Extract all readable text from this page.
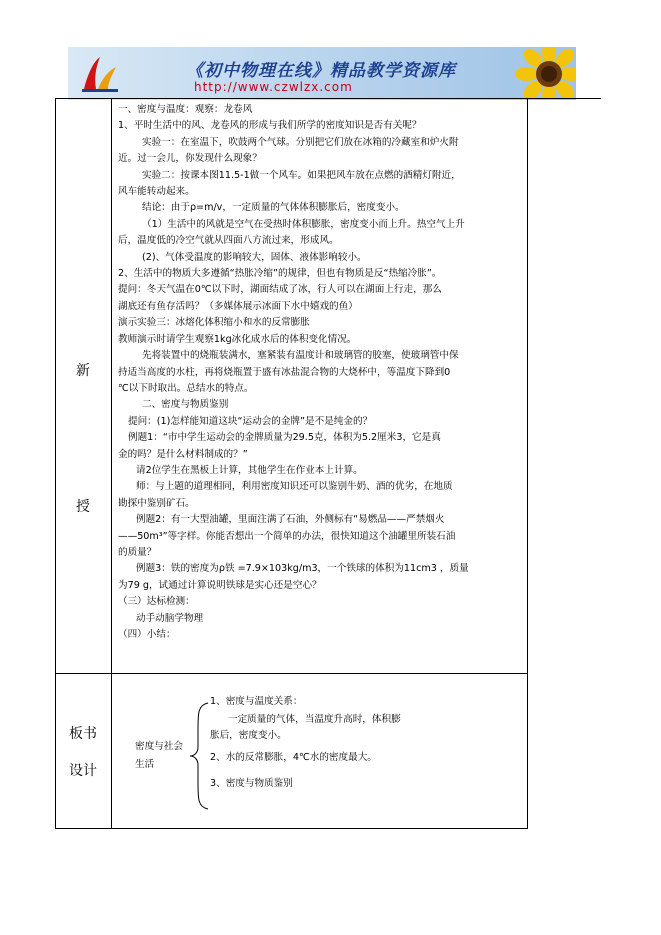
《初中物理在线》精品教学资源库
http://www.czwlzx.com
新
授
板书
设计

一、密度与温度：观察：龙卷风

1、平时生活中的风、龙卷风的形成与我们所学的密度知识是否有关呢？

实验一：在室温下，吹鼓两个气球。分别把它们放在冰箱的冷藏室和炉火附

近。过一会儿，你发现什么现象？

实验二：按课本图11.5-1做一个风车。如果把风车放在点燃的酒精灯附近，

风车能转动起来。

结论：由于ρ=m/v，一定质量的气体体积膨胀后，密度变小。

（1）生活中的风就是空气在受热时体积膨胀，密度变小而上升。热空气上升

后，温度低的冷空气就从四面八方流过来，形成风。

(2)、气体受温度的影响较大，固体、液体影响较小。

2、生活中的物质大多遵循“热胀冷缩”的规律，但也有物质是反“热缩冷胀”。

提问：冬天气温在0℃以下时，湖面结成了冰，行人可以在湖面上行走，那么

湖底还有鱼存活吗？（多媒体展示冰面下水中嬉戏的鱼）

演示实验三：冰熔化体积缩小和水的反常膨胀

教师演示时请学生观察1kg冰化成水后的体积变化情况。

先将装置中的烧瓶装满水，塞紧装有温度计和玻璃管的胶塞，使玻璃管中保

持适当高度的水柱，再将烧瓶置于盛有冰盐混合物的大烧杯中，等温度下降到0

℃以下时取出。总结水的特点。

二、密度与物质鉴别

提问：(1)怎样能知道这块“运动会的金牌”是不是纯金的？

例题1：“市中学生运动会的金牌质量为29.5克，体积为5.2厘米3，它是真

金的吗？是什么材料制成的？”

请2位学生在黑板上计算，其他学生在作业本上计算。

师：与上题的道理相同，利用密度知识还可以鉴别牛奶、酒的优劣，在地质

勘探中鉴别矿石。

例题2：有一大型油罐，里面注满了石油，外侧标有“易燃品——严禁烟火

——50m³”等字样。你能否想出一个简单的办法，很快知道这个油罐里所装石油

的质量？

例题3：铁的密度为ρ铁 =7.9×103kg/m3，一个铁球的体积为11cm3 ，质量

为79 g，试通过计算说明铁球是实心还是空心？

（三）达标检测：

动手动脑学物理

（四）小结：

密度与社会
生活
1、密度与温度关系：
一定质量的气体，当温度升高时，体积膨
胀后，密度变小。
2、水的反常膨胀，4℃水的密度最大。
3、密度与物质鉴别
